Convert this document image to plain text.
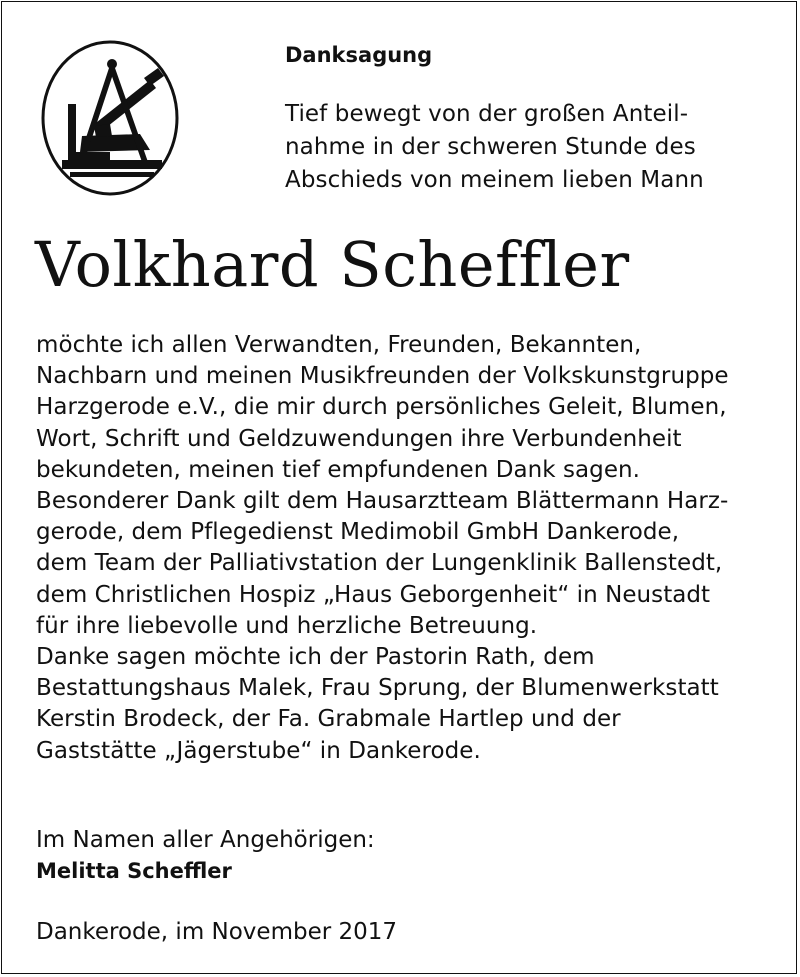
Danksagung
Tief bewegt von der großen Anteil-
nahme in der schweren Stunde des
Abschieds von meinem lieben Mann
Volkhard Scheffler
möchte ich allen Verwandten, Freunden, Bekannten,
Nachbarn und meinen Musikfreunden der Volkskunstgruppe
Harzgerode e.V., die mir durch persönliches Geleit, Blumen,
Wort, Schrift und Geldzuwendungen ihre Verbundenheit
bekundeten, meinen tief empfundenen Dank sagen.
Besonderer Dank gilt dem Hausarztteam Blättermann Harz-
gerode, dem Pflegedienst Medimobil GmbH Dankerode,
dem Team der Palliativstation der Lungenklinik Ballenstedt,
dem Christlichen Hospiz „Haus Geborgenheit“ in Neustadt
für ihre liebevolle und herzliche Betreuung.
Danke sagen möchte ich der Pastorin Rath, dem
Bestattungshaus Malek, Frau Sprung, der Blumenwerkstatt
Kerstin Brodeck, der Fa. Grabmale Hartlep und der
Gaststätte „Jägerstube“ in Dankerode.
Im Namen aller Angehörigen:
Melitta Scheffler
Dankerode, im November 2017
